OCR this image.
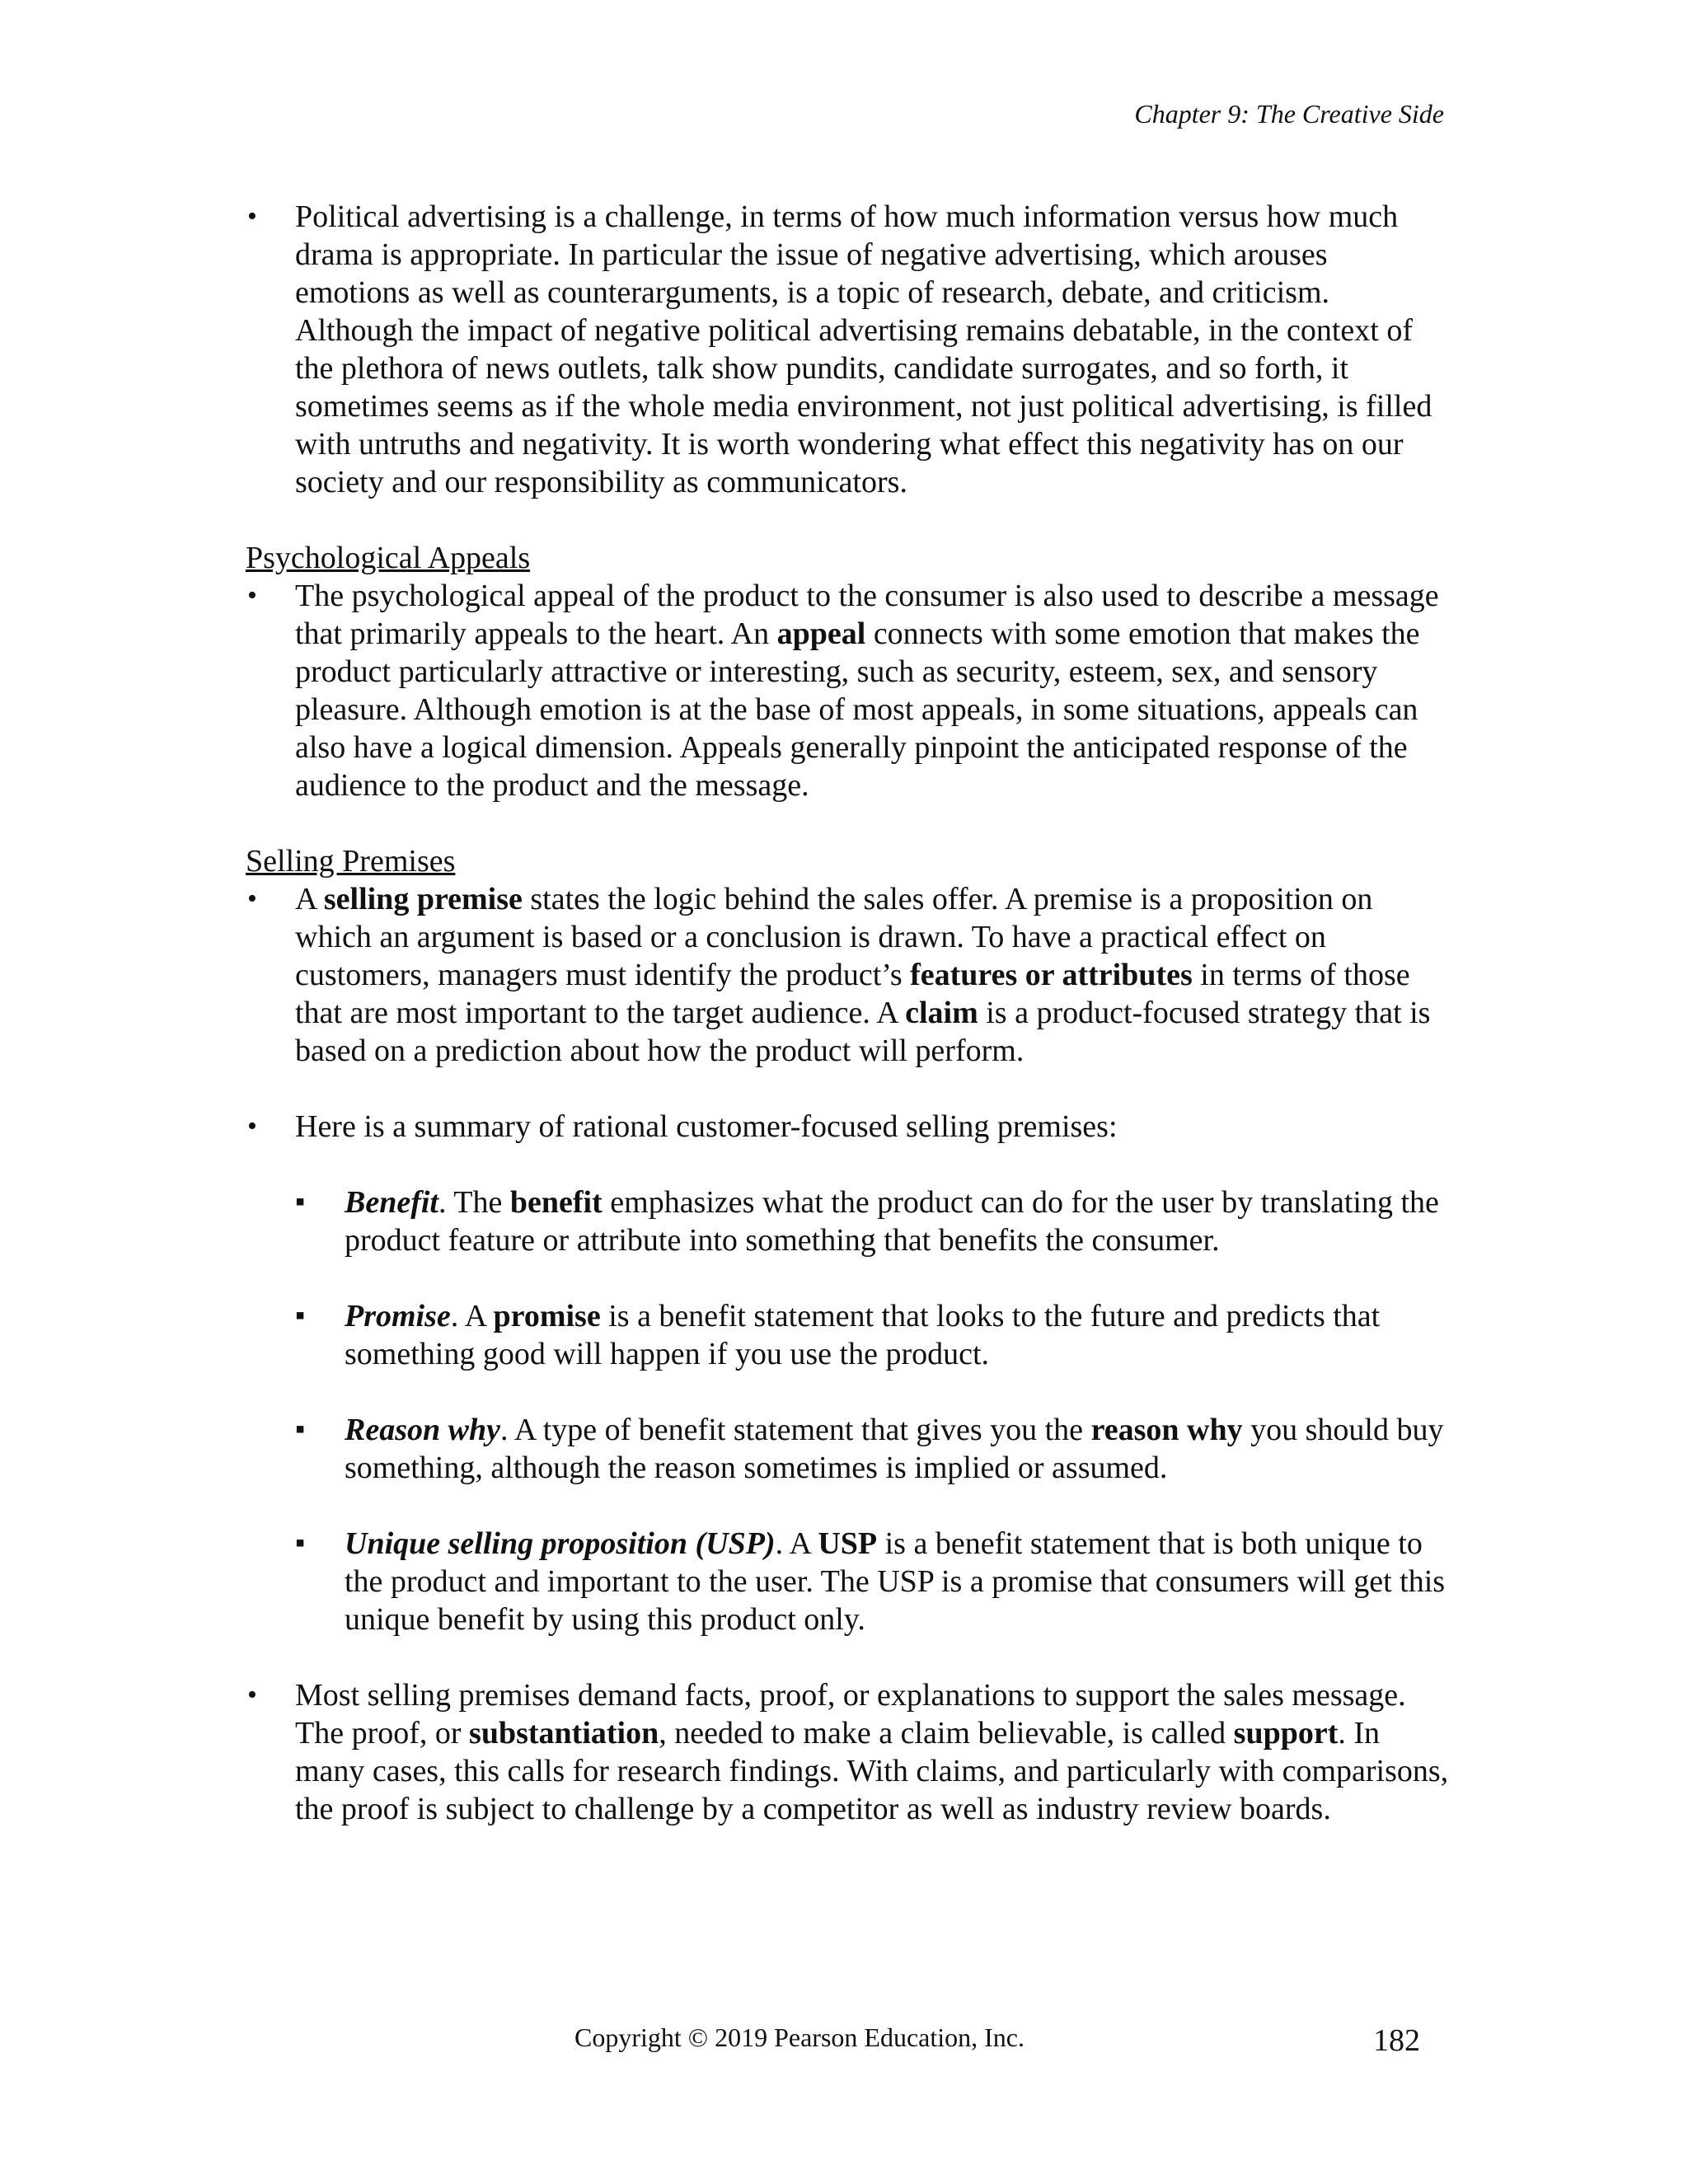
Chapter 9: The Creative Side

• Political advertising is a challenge, in terms of how much information versus how much drama is appropriate. In particular the issue of negative advertising, which arouses emotions as well as counterarguments, is a topic of research, debate, and criticism. Although the impact of negative political advertising remains debatable, in the context of the plethora of news outlets, talk show pundits, candidate surrogates, and so forth, it sometimes seems as if the whole media environment, not just political advertising, is filled with untruths and negativity. It is worth wondering what effect this negativity has on our society and our responsibility as communicators.

Psychological Appeals

• The psychological appeal of the product to the consumer is also used to describe a message that primarily appeals to the heart. An appeal connects with some emotion that makes the product particularly attractive or interesting, such as security, esteem, sex, and sensory pleasure. Although emotion is at the base of most appeals, in some situations, appeals can also have a logical dimension. Appeals generally pinpoint the anticipated response of the audience to the product and the message.

Selling Premises

• A selling premise states the logic behind the sales offer. A premise is a proposition on which an argument is based or a conclusion is drawn. To have a practical effect on customers, managers must identify the product’s features or attributes in terms of those that are most important to the target audience. A claim is a product-focused strategy that is based on a prediction about how the product will perform.

• Here is a summary of rational customer-focused selling premises:

▪ Benefit. The benefit emphasizes what the product can do for the user by translating the product feature or attribute into something that benefits the consumer.

▪ Promise. A promise is a benefit statement that looks to the future and predicts that something good will happen if you use the product.

▪ Reason why. A type of benefit statement that gives you the reason why you should buy something, although the reason sometimes is implied or assumed.

▪ Unique selling proposition (USP). A USP is a benefit statement that is both unique to the product and important to the user. The USP is a promise that consumers will get this unique benefit by using this product only.

• Most selling premises demand facts, proof, or explanations to support the sales message. The proof, or substantiation, needed to make a claim believable, is called support. In many cases, this calls for research findings. With claims, and particularly with comparisons, the proof is subject to challenge by a competitor as well as industry review boards.

Copyright © 2019 Pearson Education, Inc.	182
